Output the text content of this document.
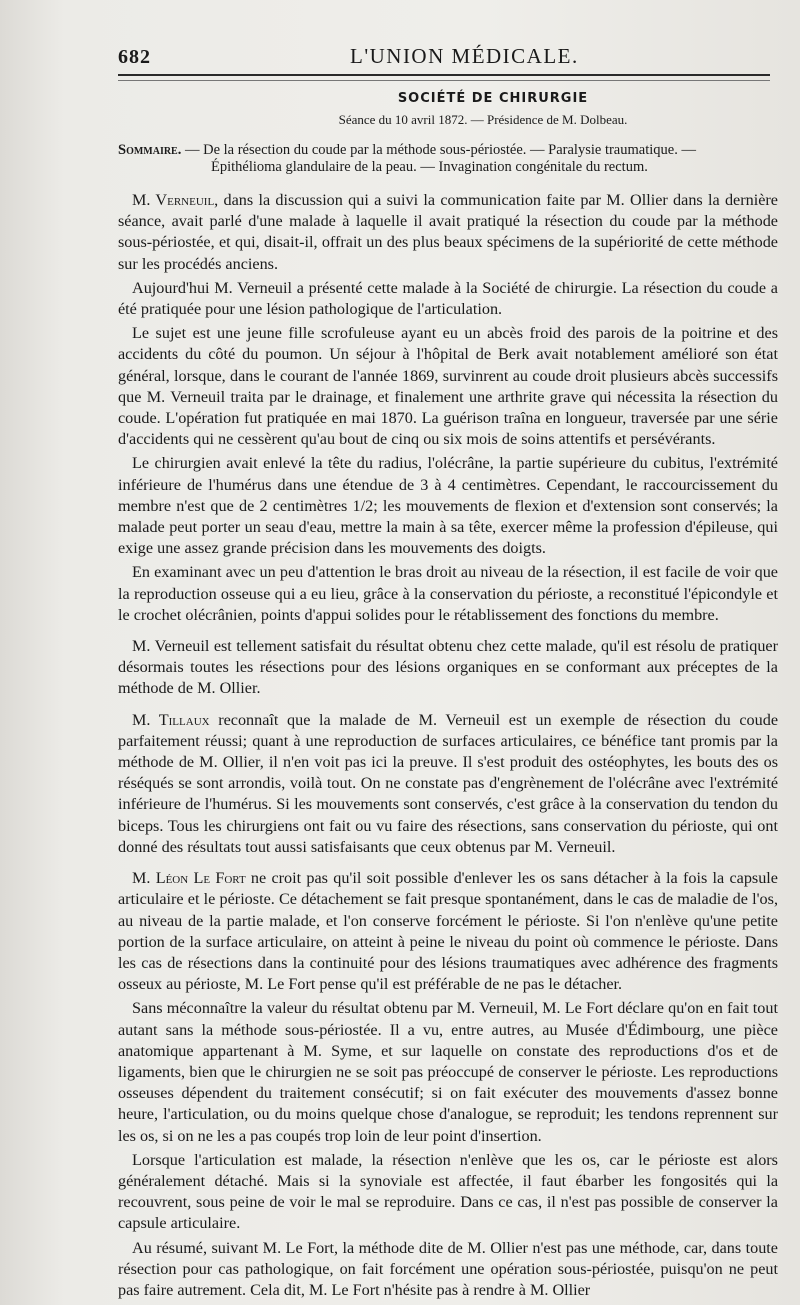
682	L'UNION MÉDICALE.
SOCIÉTÉ DE CHIRURGIE
Séance du 10 avril 1872. — Présidence de M. Dolbeau.
Sommaire. — De la résection du coude par la méthode sous-périostée. — Paralysie traumatique. —
Épithélioma glandulaire de la peau. — Invagination congénitale du rectum.

M. Verneuil, dans la discussion qui a suivi la communication faite par M. Ollier dans la dernière séance, avait parlé d'une malade à laquelle il avait pratiqué la résection du coude par la méthode sous-périostée, et qui, disait-il, offrait un des plus beaux spécimens de la supériorité de cette méthode sur les procédés anciens.

Aujourd'hui M. Verneuil a présenté cette malade à la Société de chirurgie. La résection du coude a été pratiquée pour une lésion pathologique de l'articulation.

Le sujet est une jeune fille scrofuleuse ayant eu un abcès froid des parois de la poitrine et des accidents du côté du poumon. Un séjour à l'hôpital de Berk avait notablement amélioré son état général, lorsque, dans le courant de l'année 1869, survinrent au coude droit plusieurs abcès successifs que M. Verneuil traita par le drainage, et finalement une arthrite grave qui nécessita la résection du coude. L'opération fut pratiquée en mai 1870. La guérison traîna en longueur, traversée par une série d'accidents qui ne cessèrent qu'au bout de cinq ou six mois de soins attentifs et persévérants.

Le chirurgien avait enlevé la tête du radius, l'olécrâne, la partie supérieure du cubitus, l'extrémité inférieure de l'humérus dans une étendue de 3 à 4 centimètres. Cependant, le raccourcissement du membre n'est que de 2 centimètres 1/2; les mouvements de flexion et d'extension sont conservés; la malade peut porter un seau d'eau, mettre la main à sa tête, exercer même la profession d'épileuse, qui exige une assez grande précision dans les mouvements des doigts.

En examinant avec un peu d'attention le bras droit au niveau de la résection, il est facile de voir que la reproduction osseuse qui a eu lieu, grâce à la conservation du périoste, a reconstitué l'épicondyle et le crochet olécrânien, points d'appui solides pour le rétablissement des fonctions du membre.

M. Verneuil est tellement satisfait du résultat obtenu chez cette malade, qu'il est résolu de pratiquer désormais toutes les résections pour des lésions organiques en se conformant aux préceptes de la méthode de M. Ollier.

M. Tillaux reconnaît que la malade de M. Verneuil est un exemple de résection du coude parfaitement réussi; quant à une reproduction de surfaces articulaires, ce bénéfice tant promis par la méthode de M. Ollier, il n'en voit pas ici la preuve. Il s'est produit des ostéophytes, les bouts des os réséqués se sont arrondis, voilà tout. On ne constate pas d'engrènement de l'olécrâne avec l'extrémité inférieure de l'humérus. Si les mouvements sont conservés, c'est grâce à la conservation du tendon du biceps. Tous les chirurgiens ont fait ou vu faire des résections, sans conservation du périoste, qui ont donné des résultats tout aussi satisfaisants que ceux obtenus par M. Verneuil.

M. Léon Le Fort ne croit pas qu'il soit possible d'enlever les os sans détacher à la fois la capsule articulaire et le périoste. Ce détachement se fait presque spontanément, dans le cas de maladie de l'os, au niveau de la partie malade, et l'on conserve forcément le périoste. Si l'on n'enlève qu'une petite portion de la surface articulaire, on atteint à peine le niveau du point où commence le périoste. Dans les cas de résections dans la continuité pour des lésions traumatiques avec adhérence des fragments osseux au périoste, M. Le Fort pense qu'il est préférable de ne pas le détacher.

Sans méconnaître la valeur du résultat obtenu par M. Verneuil, M. Le Fort déclare qu'on en fait tout autant sans la méthode sous-périostée. Il a vu, entre autres, au Musée d'Édimbourg, une pièce anatomique appartenant à M. Syme, et sur laquelle on constate des reproductions d'os et de ligaments, bien que le chirurgien ne se soit pas préoccupé de conserver le périoste. Les reproductions osseuses dépendent du traitement consécutif; si on fait exécuter des mouvements d'assez bonne heure, l'articulation, ou du moins quelque chose d'analogue, se reproduit; les tendons reprennent sur les os, si on ne les a pas coupés trop loin de leur point d'insertion.

Lorsque l'articulation est malade, la résection n'enlève que les os, car le périoste est alors généralement détaché. Mais si la synoviale est affectée, il faut ébarber les fongosités qui la recouvrent, sous peine de voir le mal se reproduire. Dans ce cas, il n'est pas possible de conserver la capsule articulaire.

Au résumé, suivant M. Le Fort, la méthode dite de M. Ollier n'est pas une méthode, car, dans toute résection pour cas pathologique, on fait forcément une opération sous-périostée, puisqu'on ne peut pas faire autrement. Cela dit, M. Le Fort n'hésite pas à rendre à M. Ollier
